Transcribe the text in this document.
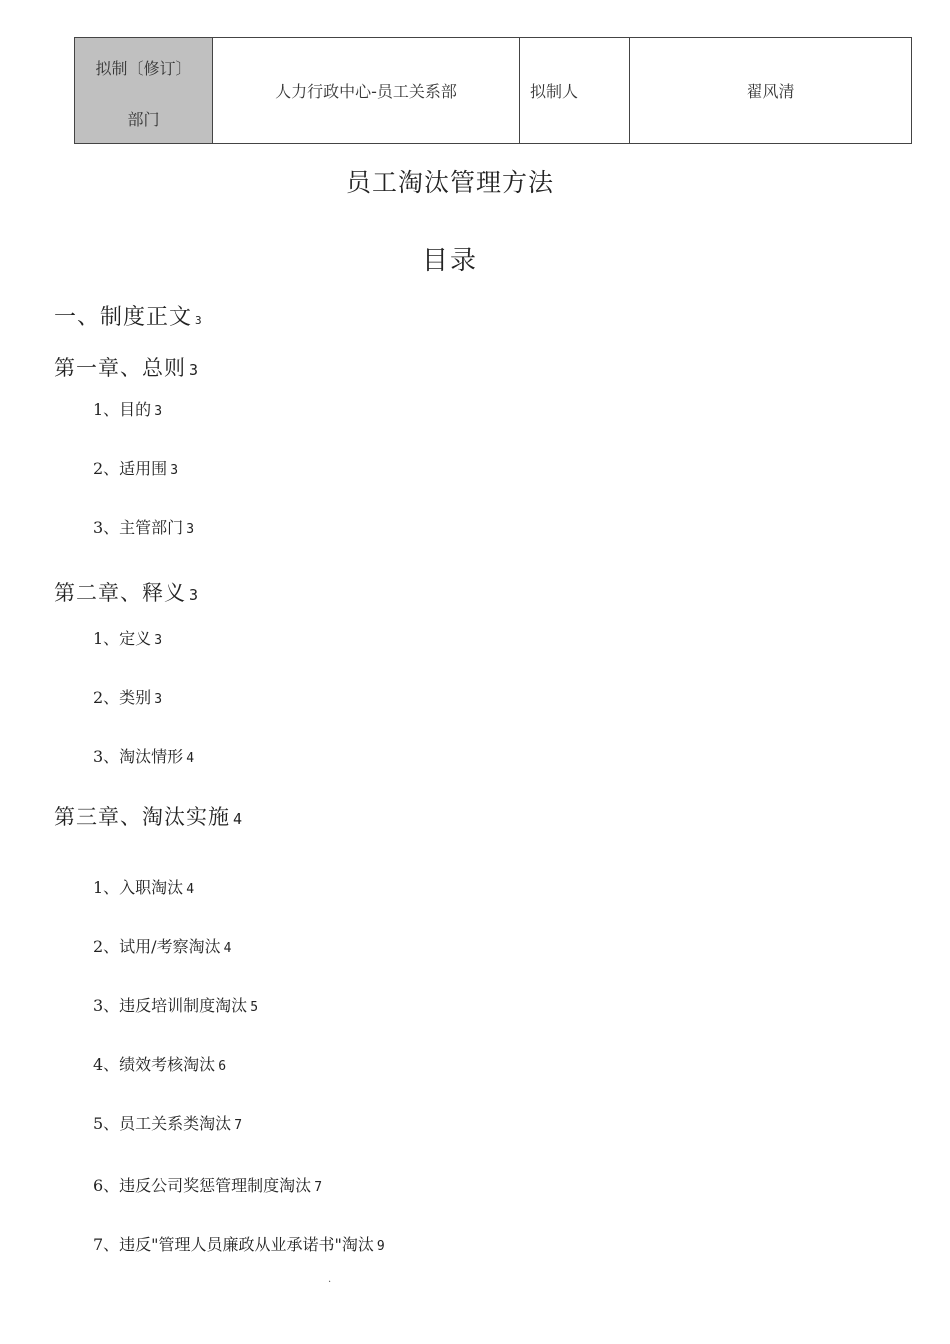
拟制〔修订〕
部门
	人力行政中心-员工关系部	拟制人	翟风清
员工淘汰管理方法
目录
一、制度正文 3
第一章、总则 3
1、目的 3
2、适用围 3
3、主管部门 3
第二章、释义 3
1、定义 3
2、类别 3
3、淘汰情形 4
第三章、淘汰实施 4
1、入职淘汰 4
2、试用/考察淘汰 4
3、违反培训制度淘汰 5
4、绩效考核淘汰 6
5、员工关系类淘汰 7
6、违反公司奖惩管理制度淘汰 7
7、违反"管理人员廉政从业承诺书"淘汰 9
.
